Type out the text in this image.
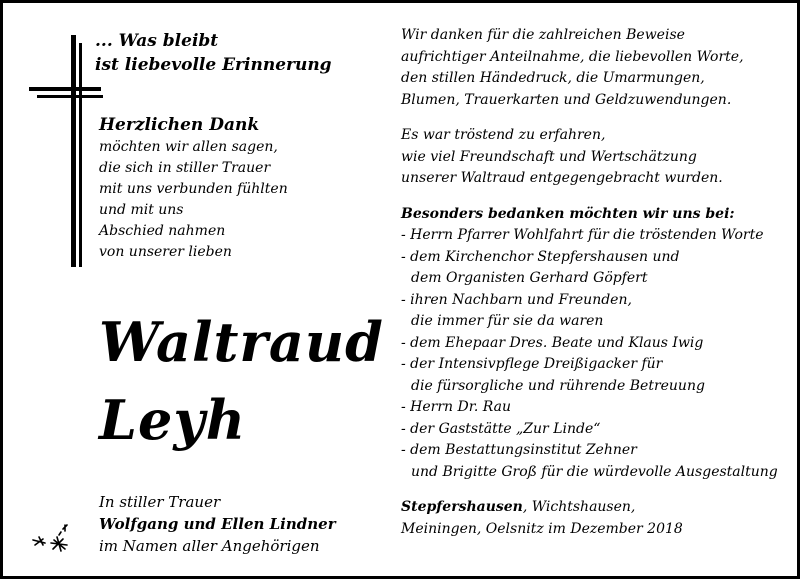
... Was bleibt
ist liebevolle Erinnerung
Herzlichen Dank
möchten wir allen sagen,
die sich in stiller Trauer
mit uns verbunden fühlten
und mit uns
Abschied nahmen
von unserer lieben
Waltraud
Leyh
In stiller Trauer
Wolfgang und Ellen Lindner
im Namen aller Angehörigen

Wir danken für die zahlreichen Beweise

aufrichtiger Anteilnahme, die liebevollen Worte,

den stillen Händedruck, die Umarmungen,

Blumen, Trauerkarten und Geldzuwendungen.

Es war tröstend zu erfahren,

wie viel Freundschaft und Wertschätzung

unserer Waltraud entgegengebracht wurden.

Besonders bedanken möchten wir uns bei:

- Herrn Pfarrer Wohlfahrt für die tröstenden Worte

- dem Kirchenchor Stepfershausen und

dem Organisten Gerhard Göpfert

- ihren Nachbarn und Freunden,

die immer für sie da waren

- dem Ehepaar Dres. Beate und Klaus Iwig

- der Intensivpflege Dreißigacker für

die fürsorgliche und rührende Betreuung

- Herrn Dr. Rau

- der Gaststätte „Zur Linde“

- dem Bestattungsinstitut Zehner

und Brigitte Groß für die würdevolle Ausgestaltung

Stepfershausen, Wichtshausen,

Meiningen, Oelsnitz im Dezember 2018
